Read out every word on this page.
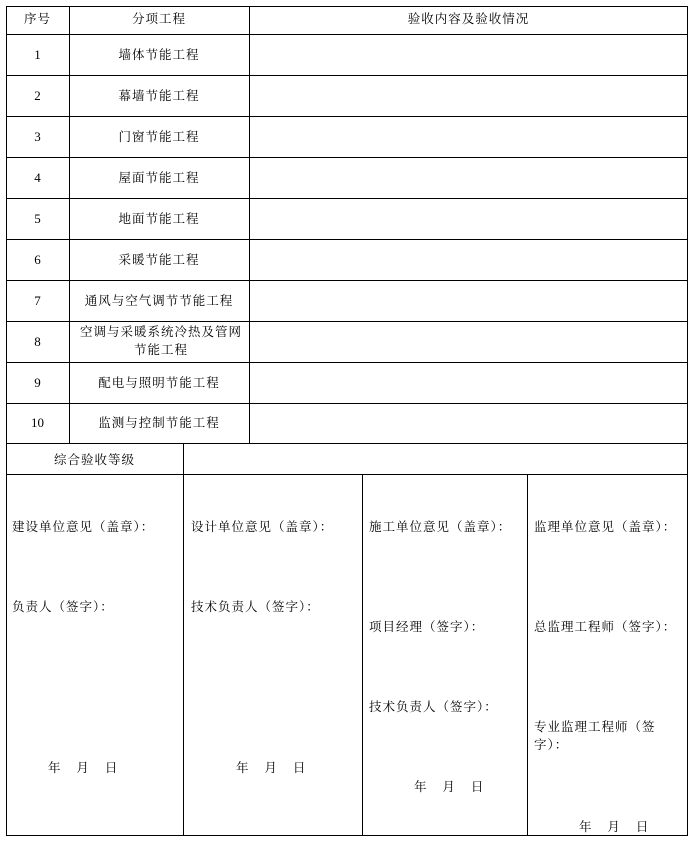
序号	分项工程	验收内容及验收情况
1
2
3
4
5
6
7
8
9
10
墙体节能工程
幕墙节能工程
门窗节能工程
屋面节能工程
地面节能工程
采暖节能工程
通风与空气调节节能工程
空调与采暖系统冷热及管网节能工程
配电与照明节能工程
监测与控制节能工程
综合验收等级
建设单位意见（盖章）：
负责人（签字）：
年   月   日
设计单位意见（盖章）：
技术负责人（签字）：
年   月   日
施工单位意见（盖章）：
项目经理（签字）：
技术负责人（签字）：
年   月   日
监理单位意见（盖章）：
总监理工程师（签字）：
专业监理工程师（签字）：
年   月   日
